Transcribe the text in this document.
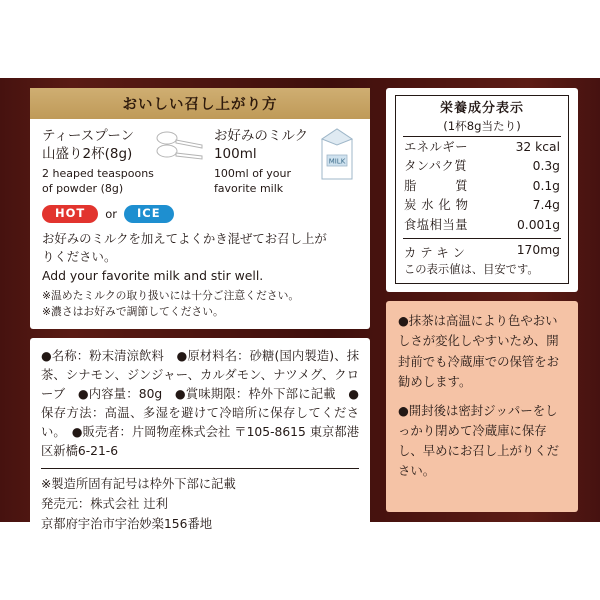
おいしい召し上がり方
ティースプーン
山盛り2杯(8g)
2 heaped teaspoons
of powder (8g)
お好みのミルク
100ml
100ml of your
favorite milk
MILK
HOT	or	ICE
お好みのミルクを加えてよくかき混ぜてお召し上が
りください。
Add your favorite milk and stir well.
※温めたミルクの取り扱いには十分ご注意ください。
※濃さはお好みで調節してください。
●名称：粉末清涼飲料　●原材料名：砂糖(国内製造)、抹茶、シナモン、ジンジャー、カルダモン、ナツメグ、クローブ　●内容量：80g　●賞味期限：枠外下部に記載　●保存方法：高温、多湿を避けて冷暗所に保存してください。　●販売者：片岡物産株式会社 〒105-8615 東京都港区新橋6-21-6
※製造所固有記号は枠外下部に記載
発売元：株式会社 辻利
京都府宇治市宇治妙楽156番地
栄養成分表示
(1杯8g当たり)
エネルギー	32 kcal
タンパク質	0.3g
脂　　　質	0.1g
炭 水 化 物	7.4g
食塩相当量	0.001g
カ テ キ ン	170mg
この表示値は、目安です。
●抹茶は高温により色やおいしさが変化しやすいため、開封前でも冷蔵庫での保管をお勧めします。
●開封後は密封ジッパーをしっかり閉めて冷蔵庫に保存し、早めにお召し上がりください。
